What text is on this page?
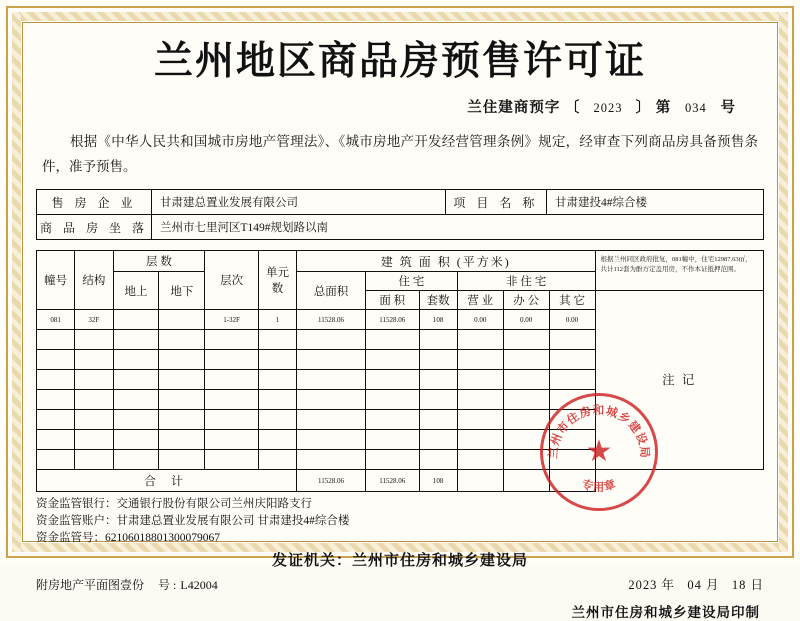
兰州地区商品房预售许可证
兰住建商预字 〔 2023 〕 第 034 号
根据《中华人民共和国城市房地产管理法》、《城市房地产开发经营管理条例》规定，经审查下列商品房具备预售条件，准予预售。
售 房 企 业	甘肃建总置业发展有限公司	项 目 名 称	甘肃建投4#综合楼
商 品 房 坐 落	兰州市七里河区T149#规划路以南		
幢号	结构	层 数		层次	单元数	建 筑 面 积 (平方米)						根据兰州同区政府批复，081幢中，住宅12987.63㎡，共计112套为酚方定盖用房，不作本证抵押范围。
		地上	地下			总面积	住 宅		非 住 宅			
							面 积	套数	营 业	办 公	其 它	注 记
081	32F			1-32F	1	11528.06	11528.06	108	0.00	0.00	0.00	

合 计						11528.06	11528.06	108				
资金监管银行：交通银行股份有限公司兰州庆阳路支行
资金监管账户：甘肃建总置业发展有限公司 甘肃建投4#综合楼
资金监管号：62106018801300079067
发证机关：兰州市住房和城乡建设局
附房地产平面图壹份 号 : L42004	2023 年 04 月 18 日
兰州市住房和城乡建设局印制
兰州市住房和城乡建设局
专用章
★
